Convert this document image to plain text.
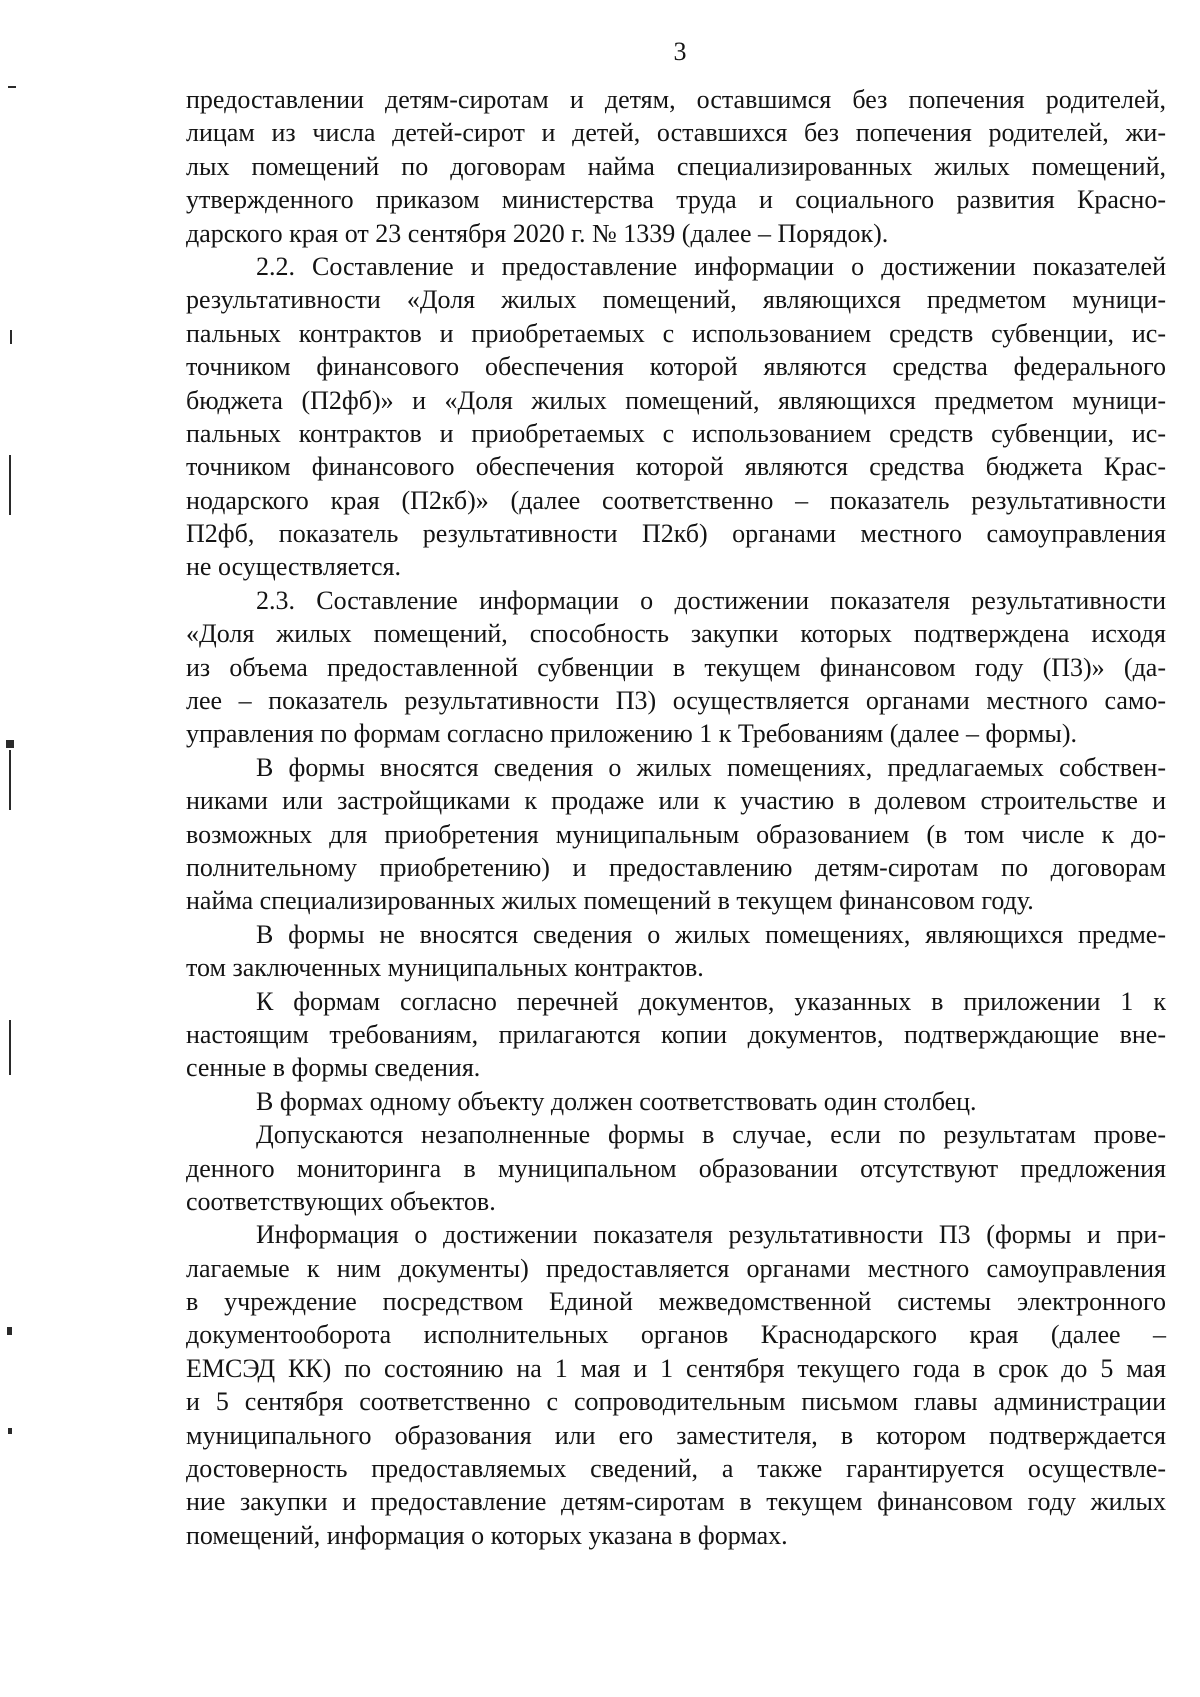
3
предоставлении детям-сиротам и детям, оставшимся без попечения родителей,
лицам из числа детей-сирот и детей, оставшихся без попечения родителей, жи-
лых помещений по договорам найма специализированных жилых помещений,
утвержденного приказом министерства труда и социального развития Красно-
дарского края от 23 сентября 2020 г. № 1339 (далее – Порядок).
2.2. Составление и предоставление информации о достижении показателей
результативности «Доля жилых помещений, являющихся предметом муници-
пальных контрактов и приобретаемых с использованием средств субвенции, ис-
точником финансового обеспечения которой являются средства федерального
бюджета (П2фб)» и «Доля жилых помещений, являющихся предметом муници-
пальных контрактов и приобретаемых с использованием средств субвенции, ис-
точником финансового обеспечения которой являются средства бюджета Крас-
нодарского края (П2кб)» (далее соответственно – показатель результативности
П2фб, показатель результативности П2кб) органами местного самоуправления
не осуществляется.
2.3. Составление информации о достижении показателя результативности
«Доля жилых помещений, способность закупки которых подтверждена исходя
из объема предоставленной субвенции в текущем финансовом году (П3)» (да-
лее – показатель результативности П3) осуществляется органами местного само-
управления по формам согласно приложению 1 к Требованиям (далее – формы).
В формы вносятся сведения о жилых помещениях, предлагаемых собствен-
никами или застройщиками к продаже или к участию в долевом строительстве и
возможных для приобретения муниципальным образованием (в том числе к до-
полнительному приобретению) и предоставлению детям-сиротам по договорам
найма специализированных жилых помещений в текущем финансовом году.
В формы не вносятся сведения о жилых помещениях, являющихся предме-
том заключенных муниципальных контрактов.
К формам согласно перечней документов, указанных в приложении 1 к
настоящим требованиям, прилагаются копии документов, подтверждающие вне-
сенные в формы сведения.
В формах одному объекту должен соответствовать один столбец.
Допускаются незаполненные формы в случае, если по результатам прове-
денного мониторинга в муниципальном образовании отсутствуют предложения
соответствующих объектов.
Информация о достижении показателя результативности П3 (формы и при-
лагаемые к ним документы) предоставляется органами местного самоуправления
в учреждение посредством Единой межведомственной системы электронного
документооборота исполнительных органов Краснодарского края (далее –
ЕМСЭД КК) по состоянию на 1 мая и 1 сентября текущего года в срок до 5 мая
и 5 сентября соответственно с сопроводительным письмом главы администрации
муниципального образования или его заместителя, в котором подтверждается
достоверность предоставляемых сведений, а также гарантируется осуществле-
ние закупки и предоставление детям-сиротам в текущем финансовом году жилых
помещений, информация о которых указана в формах.
